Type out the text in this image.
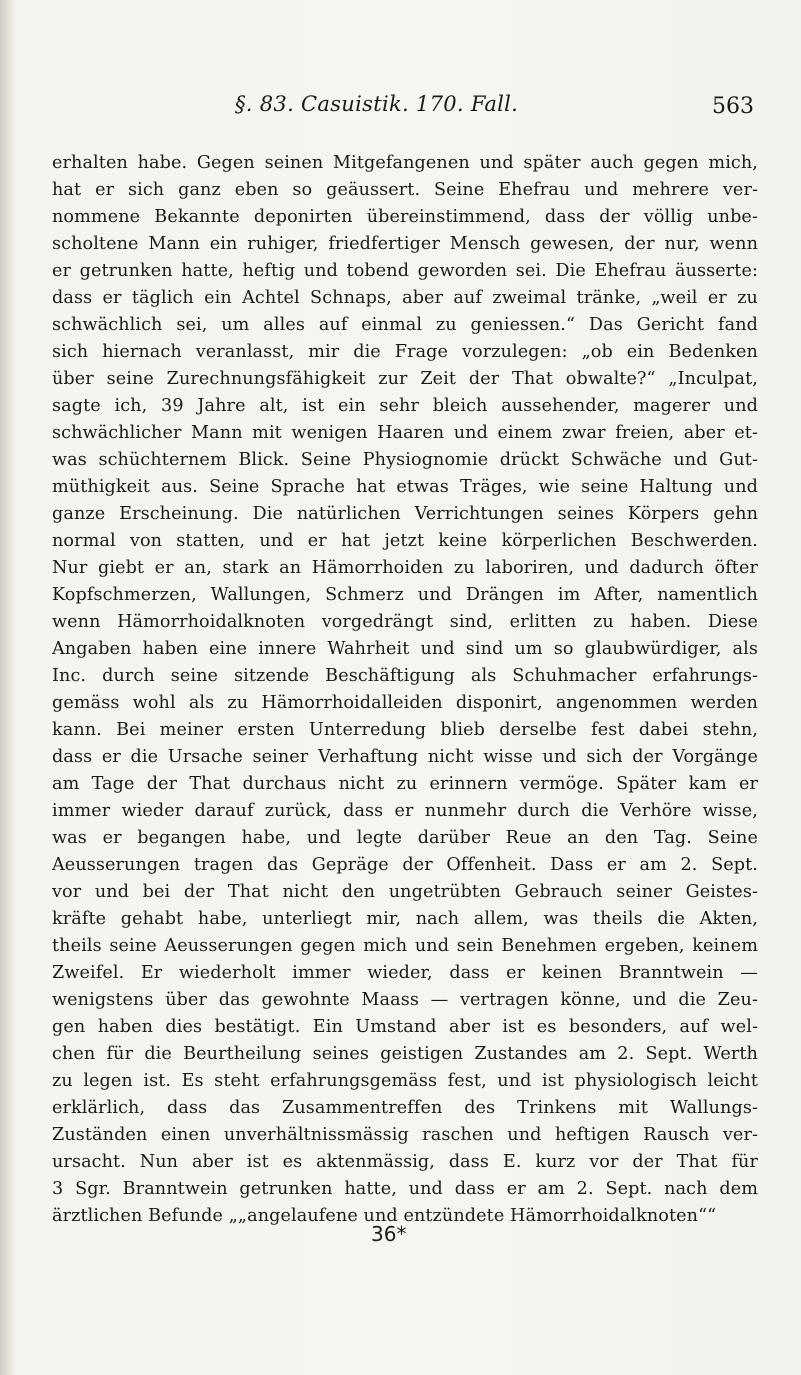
§. 83. Casuistik. 170. Fall.	563
erhalten habe. Gegen seinen Mitgefangenen und später auch gegen mich,
hat er sich ganz eben so geäussert. Seine Ehefrau und mehrere ver-
nommene Bekannte deponirten übereinstimmend, dass der völlig unbe-
scholtene Mann ein ruhiger, friedfertiger Mensch gewesen, der nur, wenn
er getrunken hatte, heftig und tobend geworden sei. Die Ehefrau äusserte:
dass er täglich ein Achtel Schnaps, aber auf zweimal tränke, „weil er zu
schwächlich sei, um alles auf einmal zu geniessen.“ Das Gericht fand
sich hiernach veranlasst, mir die Frage vorzulegen: „ob ein Bedenken
über seine Zurechnungsfähigkeit zur Zeit der That obwalte?“ „Inculpat,
sagte ich, 39 Jahre alt, ist ein sehr bleich aussehender, magerer und
schwächlicher Mann mit wenigen Haaren und einem zwar freien, aber et-
was schüchternem Blick. Seine Physiognomie drückt Schwäche und Gut-
müthigkeit aus. Seine Sprache hat etwas Träges, wie seine Haltung und
ganze Erscheinung. Die natürlichen Verrichtungen seines Körpers gehn
normal von statten, und er hat jetzt keine körperlichen Beschwerden.
Nur giebt er an, stark an Hämorrhoiden zu laboriren, und dadurch öfter
Kopfschmerzen, Wallungen, Schmerz und Drängen im After, namentlich
wenn Hämorrhoidalknoten vorgedrängt sind, erlitten zu haben. Diese
Angaben haben eine innere Wahrheit und sind um so glaubwürdiger, als
Inc. durch seine sitzende Beschäftigung als Schuhmacher erfahrungs-
gemäss wohl als zu Hämorrhoidalleiden disponirt, angenommen werden
kann. Bei meiner ersten Unterredung blieb derselbe fest dabei stehn,
dass er die Ursache seiner Verhaftung nicht wisse und sich der Vorgänge
am Tage der That durchaus nicht zu erinnern vermöge. Später kam er
immer wieder darauf zurück, dass er nunmehr durch die Verhöre wisse,
was er begangen habe, und legte darüber Reue an den Tag. Seine
Aeusserungen tragen das Gepräge der Offenheit. Dass er am 2. Sept.
vor und bei der That nicht den ungetrübten Gebrauch seiner Geistes-
kräfte gehabt habe, unterliegt mir, nach allem, was theils die Akten,
theils seine Aeusserungen gegen mich und sein Benehmen ergeben, keinem
Zweifel. Er wiederholt immer wieder, dass er keinen Branntwein —
wenigstens über das gewohnte Maass — vertragen könne, und die Zeu-
gen haben dies bestätigt. Ein Umstand aber ist es besonders, auf wel-
chen für die Beurtheilung seines geistigen Zustandes am 2. Sept. Werth
zu legen ist. Es steht erfahrungsgemäss fest, und ist physiologisch leicht
erklärlich, dass das Zusammentreffen des Trinkens mit Wallungs-
Zuständen einen unverhältnissmässig raschen und heftigen Rausch ver-
ursacht. Nun aber ist es aktenmässig, dass E. kurz vor der That für
3 Sgr. Branntwein getrunken hatte, und dass er am 2. Sept. nach dem
ärztlichen Befunde „„angelaufene und entzündete Hämorrhoidalknoten““
36*
